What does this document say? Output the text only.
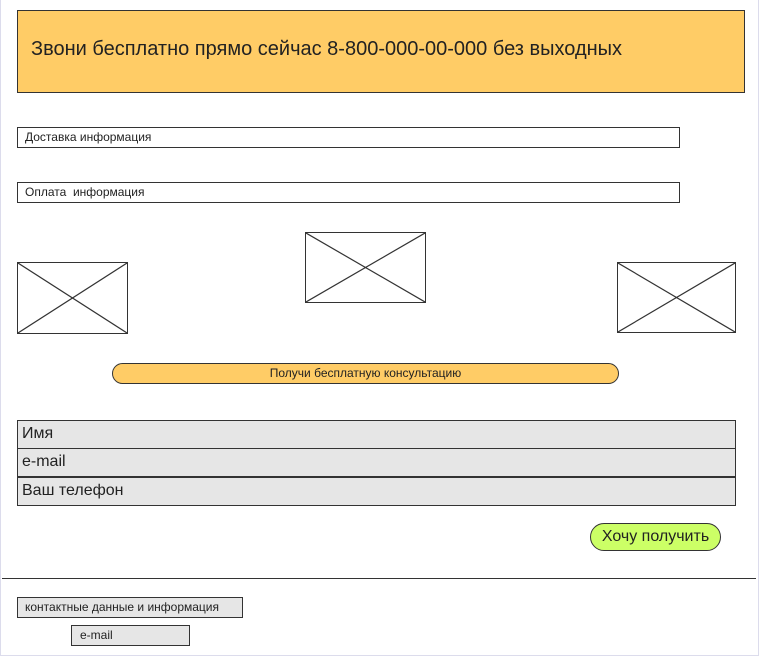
Звони бесплатно прямо сейчас 8-800-000-00-000 без выходных
Доставка информация
Оплата  информация
Получи бесплатную консультацию
Имя
e-mail
Ваш телефон
Хочу получить
контактные данные и информация
e-mail
